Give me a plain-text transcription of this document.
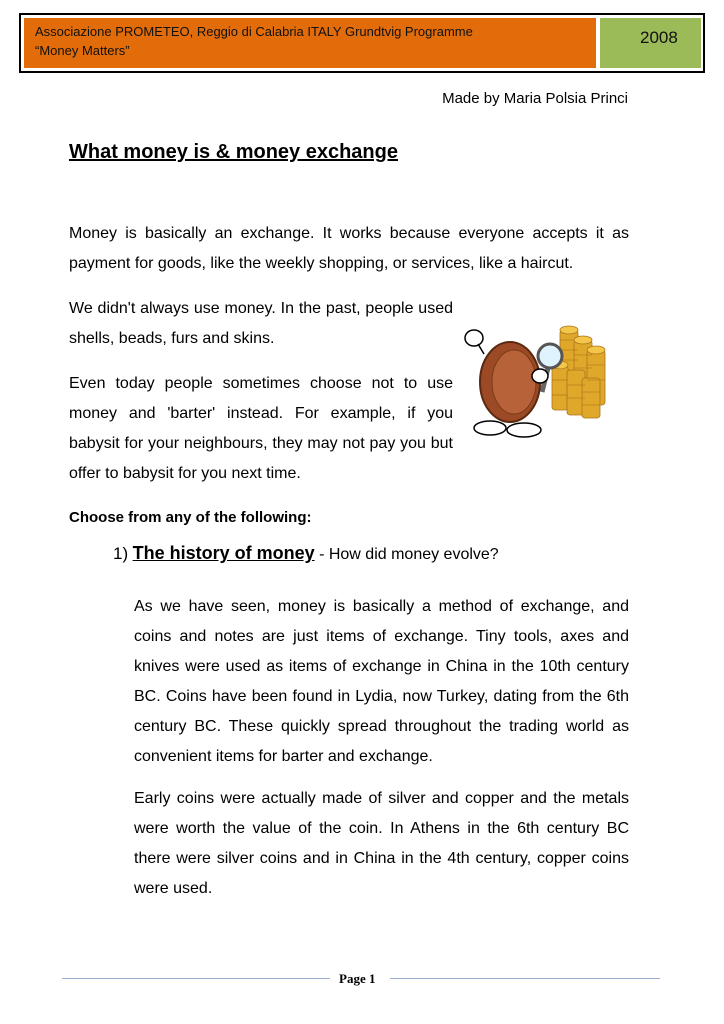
Associazione PROMETEO, Reggio di Calabria ITALY Grundtvig Programme
“Money Matters”
2008
Made by Maria Polsia Princi
What money is & money exchange

Money is basically an exchange. It works because everyone accepts it as payment for goods, like the weekly shopping, or services, like a haircut.

We didn't always use money. In the past, people used shells, beads, furs and skins.

Even today people sometimes choose not to use money and 'barter' instead. For example, if you babysit for your neighbours, they may not pay you but offer to babysit for you next time.

Choose from any of the following:
1) The history of money - How did money evolve?

As we have seen, money is basically a method of exchange, and coins and notes are just items of exchange. Tiny tools, axes and knives were used as items of exchange in China in the 10th century BC. Coins have been found in Lydia, now Turkey, dating from the 6th century BC. These quickly spread throughout the trading world as convenient items for barter and exchange.

Early coins were actually made of silver and copper and the metals were worth the value of the coin. In Athens in the 6th century BC there were silver coins and in China in the 4th century, copper coins were used.

Page 1
